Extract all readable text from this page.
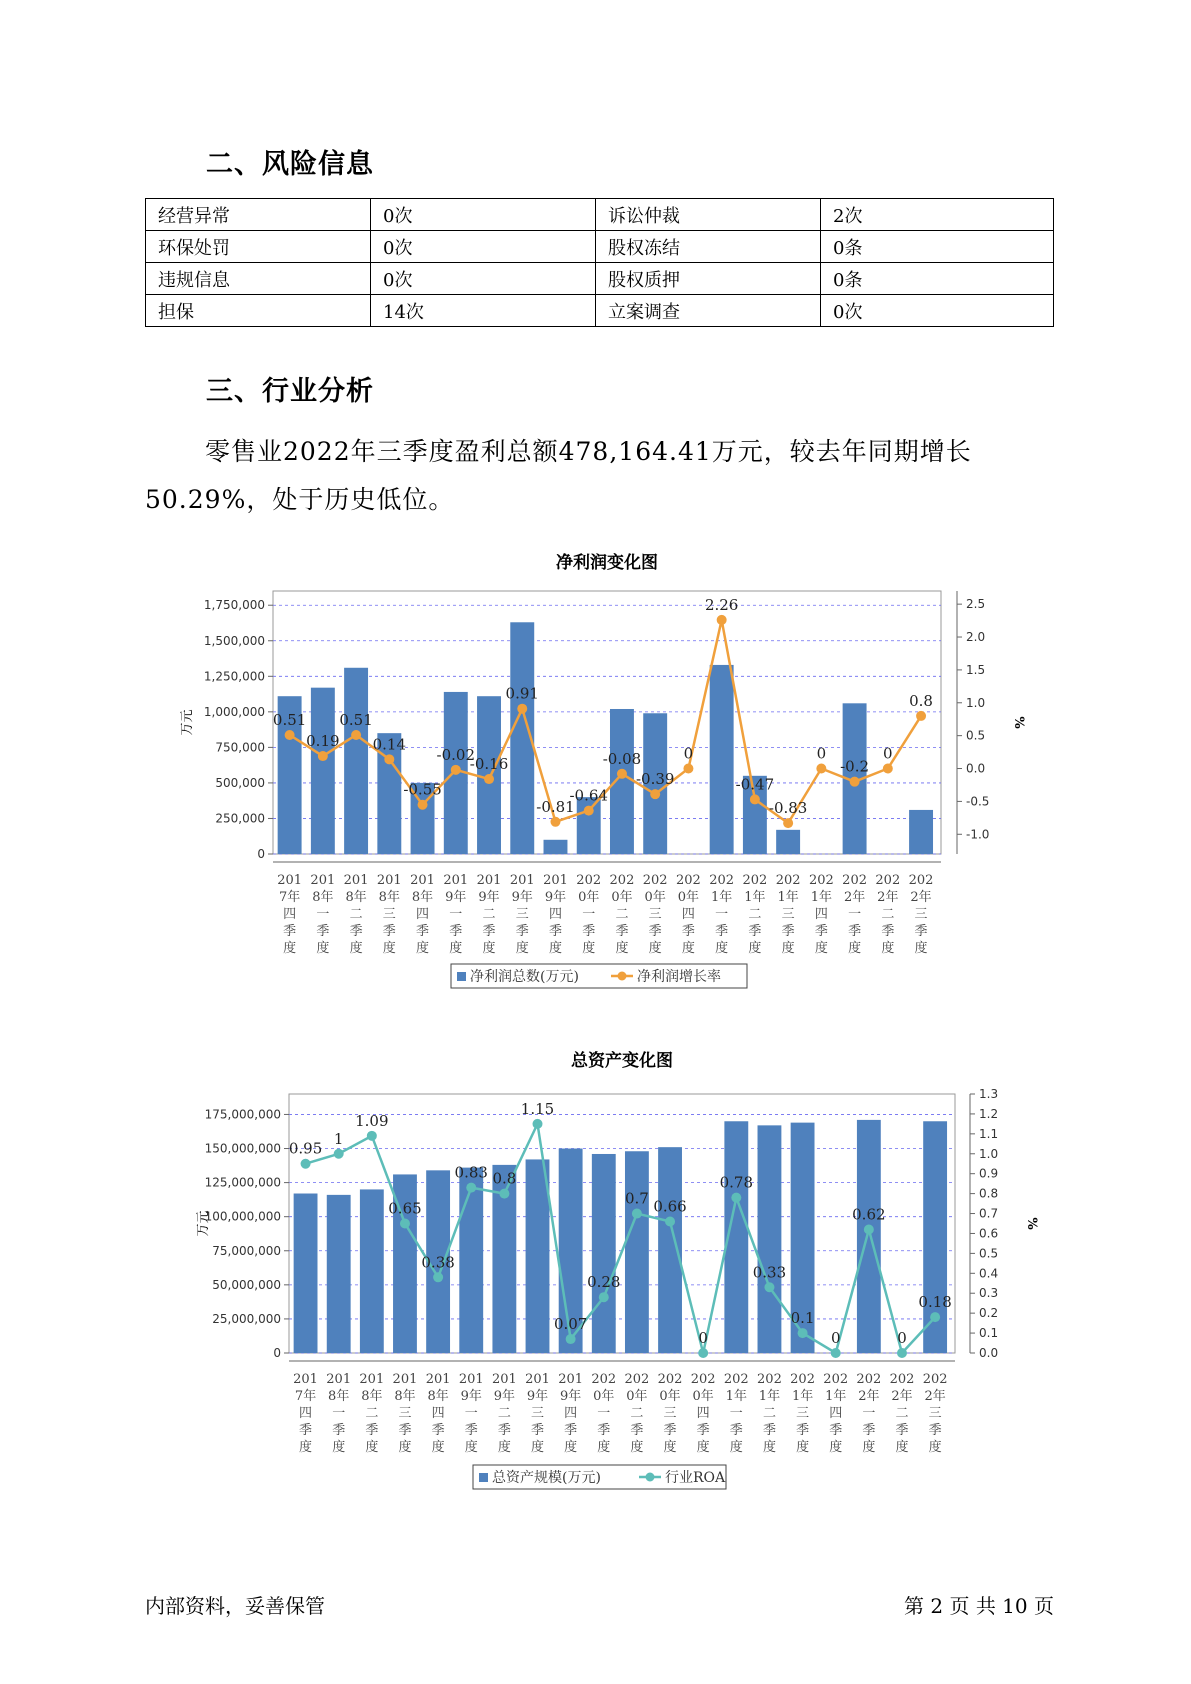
二、风险信息
经营异常	0次	诉讼仲裁	2次
环保处罚	0次	股权冻结	0条
违规信息	0次	股权质押	0条
担保	14次	立案调查	0次
三、行业分析
零售业2022年三季度盈利总额478,164.41万元，较去年同期增长50.29%，处于历史低位。
净利润变化图
0
250,000
500,000
750,000
1,000,000
1,250,000
1,500,000
1,750,000
-1.0
-0.5
0.0
0.5
1.0
1.5
2.0
2.5
万元	%
0.51
0.19
0.51
0.14
-0.55
-0.02
-0.16
0.91
-0.81
-0.64
-0.08
-0.39
0
2.26
-0.47
-0.83
0
-0.2
0
0.8
201
7年
四
季
度
201
8年
一
季
度
201
8年
二
季
度
201
8年
三
季
度
201
8年
四
季
度
201
9年
一
季
度
201
9年
二
季
度
201
9年
三
季
度
201
9年
四
季
度
202
0年
一
季
度
202
0年
二
季
度
202
0年
三
季
度
202
0年
四
季
度
202
1年
一
季
度
202
1年
二
季
度
202
1年
三
季
度
202
1年
四
季
度
202
2年
一
季
度
202
2年
二
季
度
202
2年
三
季
度
净利润总数(万元)	净利润增长率
总资产变化图
0
25,000,000
50,000,000
75,000,000
100,000,000
125,000,000
150,000,000
175,000,000
0.0
0.1
0.2
0.3
0.4
0.5
0.6
0.7
0.8
0.9
1.0
1.1
1.2
1.3
万元	%
0.95
1
1.09
0.65
0.38
0.83 0.8
1.15
0.07
0.28
0.7 0.66
0
0.78
0.33
0.1
0
0.62
0
0.18
201
7年
四
季
度
201
8年
一
季
度
201
8年
二
季
度
201
8年
三
季
度
201
8年
四
季
度
201
9年
一
季
度
201
9年
二
季
度
201
9年
三
季
度
201
9年
四
季
度
202
0年
一
季
度
202
0年
二
季
度
202
0年
三
季
度
202
0年
四
季
度
202
1年
一
季
度
202
1年
二
季
度
202
1年
三
季
度
202
1年
四
季
度
202
2年
一
季
度
202
2年
二
季
度
202
2年
三
季
度
总资产规模(万元)	行业ROA
内部资料，妥善保管	第 2 页 共 10 页
